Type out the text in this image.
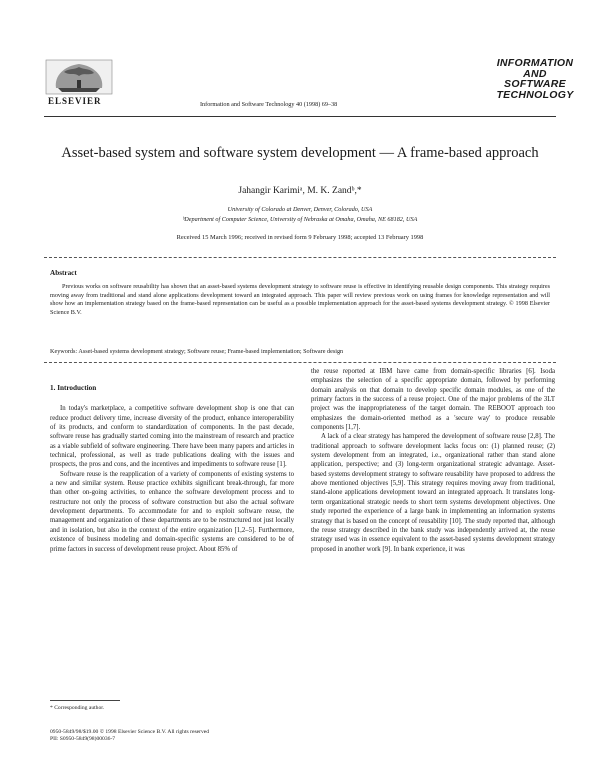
ELSEVIER	Information and Software Technology 40 (1998) 69–38
INFORMATION
AND
SOFTWARE
TECHNOLOGY
Asset-based system and software system development — A frame-based approach
Jahangir Karimiᵃ, M. K. Zandᵇ,*
University of Colorado at Denver, Denver, Colorado, USA
ᵇDepartment of Computer Science, University of Nebraska at Omaha, Omaha, NE 68182, USA
Received 15 March 1996; received in revised form 9 February 1998; accepted 13 February 1998
Abstract
Previous works on software reusability has shown that an asset-based systems development strategy to software reuse is effective in identifying reusable design components. This strategy requires moving away from traditional and stand alone applications development toward an integrated approach. This paper will review previous work on using frames for knowledge representation and will show how an implementation strategy based on the frame-based representation can be useful as a possible implementation approach for the asset-based systems development strategy. © 1998 Elsevier Science B.V.
Keywords: Asset-based systems development strategy; Software reuse; Frame-based implementation; Software design
1. Introduction

In today's marketplace, a competitive software development shop is one that can reduce product delivery time, increase diversity of the product, enhance interoperability of its products, and conform to standardization of components. In the past decade, software reuse has gradually started coming into the mainstream of research and practice as a viable subfield of software engineering. There have been many papers and articles in technical, professional, as well as trade publications dealing with the issues and prospects, the pros and cons, and the incentives and impediments to software reuse [1].

Software reuse is the reapplication of a variety of components of existing systems to a new and similar system. Reuse practice exhibits significant break-through, far more than other on-going activities, to enhance the software development process and to restructure not only the process of software construction but also the actual software development departments. To accommodate for and to exploit software reuse, the management and organization of these departments are to be restructured not just locally and in isolation, but also in the context of the entire organization [1,2–5]. Furthermore, existence of business modeling and domain-specific systems are considered to be of prime factors in success of development reuse project. About 85% of

the reuse reported at IBM have came from domain-specific libraries [6]. Isoda emphasizes the selection of a specific appropriate domain, followed by performing domain analysis on that domain to develop specific domain modules, as one of the primary factors in the success of a reuse project. One of the major problems of the 3LT project was the inappropriateness of the target domain. The REBOOT approach too emphasizes the domain-oriented method as a 'secure way' to produce reusable components [1,7].

A lack of a clear strategy has hampered the development of software reuse [2,8]. The traditional approach to software development lacks focus on: (1) planned reuse; (2) system development from an integrated, i.e., organizational rather than stand alone application, perspective; and (3) long-term organizational strategic advantage. Asset-based systems development strategy to software reusability have proposed to address the above mentioned objectives [5,9]. This strategy requires moving away from traditional, stand-alone applications development toward an integrated approach. It translates long-term organizational strategic needs to short term systems development objectives. One study reported the experience of a large bank in implementing an information systems strategy that is based on the concept of reusability [10]. The study reported that, although the reuse strategy described in the bank study was independently arrived at, the reuse strategy used was in essence equivalent to the asset-based systems development strategy proposed in another work [9]. In bank experience, it was

* Corresponding author.
0950-5849/98/$19.00 © 1998 Elsevier Science B.V. All rights reserved
PII: S0950-5849(98)00036-7
